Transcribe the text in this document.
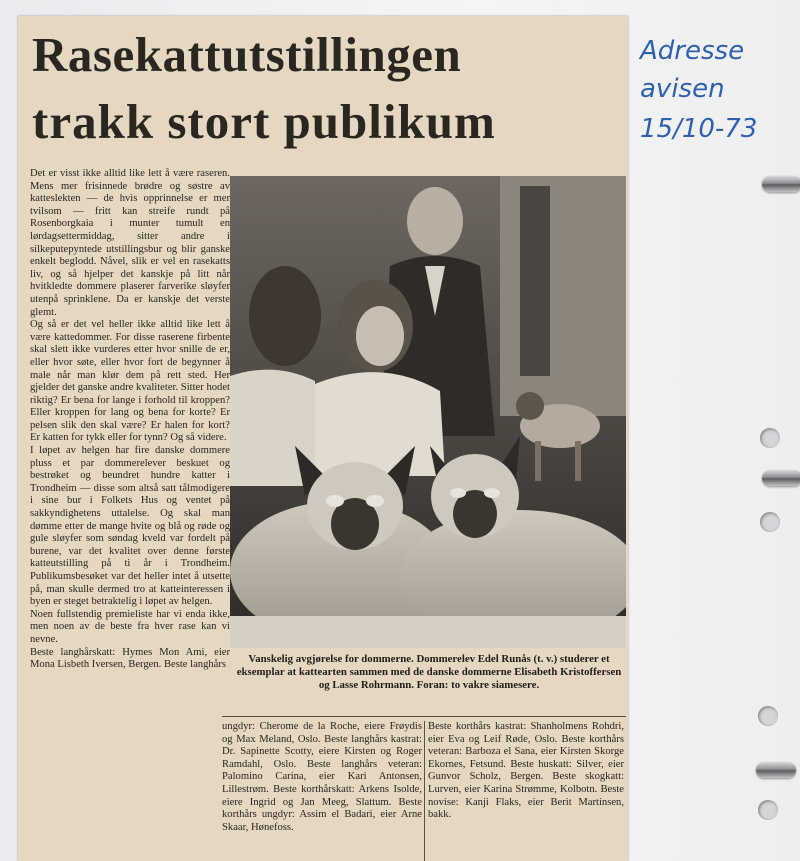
Rasekattutstillingen
trakk stort publikum
Det er visst ikke alltid like lett å være raseren. Mens mer frisinnede brødre og søstre av katteslekten — de hvis opprinnelse er mer tvilsom — fritt kan streife rundt på Rosenborgkaia i munter tumult en lørdagsettermiddag, sitter andre i silkeputepyntede utstillingsbur og blir ganske enkelt beglodd. Nåvel, slik er vel en rasekatts liv, og så hjelper det kanskje på litt når hvitkledte dommere plaserer farverike sløyfer utenpå sprinklene. Da er kanskje det verste glemt.
Og så er det vel heller ikke alltid like lett å være kattedommer. For disse raserene firbente skal slett ikke vurderes etter hvor snille de er, eller hvor søte, eller hvor fort de begynner å male når man klør dem på rett sted. Her gjelder det ganske andre kvaliteter. Sitter hodet riktig? Er bena for lange i forhold til kroppen? Eller kroppen for lang og bena for korte? Er pelsen slik den skal være? Er halen for kort? Er katten for tykk eller for tynn? Og så videre.
I løpet av helgen har fire danske dommere pluss et par dommerelever beskuet og bestrøket og beundret hundre katter i Trondheim — disse som altså satt tålmodigere i sine bur i Folkets Hus og ventet på sakkyndighetens uttalelse. Og skal man dømme etter de mange hvite og blå og røde og gule sløyfer som søndag kveld var fordelt på burene, var det kvalitet over denne første katteutstilling på ti år i Trondheim. Publikumsbesøket var det heller intet å utsette på, man skulle dermed tro at katteinteressen i byen er steget betraktelig i løpet av helgen.
Noen fullstendig premieliste har vi enda ikke, men noen av de beste fra hver rase kan vi nevne.
Beste langhårskatt: Hymes Mon Ami, eier Mona Lisbeth Iversen, Bergen. Beste langhårs	Vanskelig avgjørelse for dommerne. Dommerelev Edel Runås (t. v.) studerer et eksemplar at kattearten sammen med de danske dommerne Elisabeth Kristoffersen og Lasse Rohrmann. Foran: to vakre siamesere.
ungdyr: Cherome de la Roche, eiere Frøydis og Max Meland, Oslo. Beste langhårs kastrat: Dr. Sapinette Scotty, eiere Kirsten og Roger Ramdahl, Oslo. Beste langhårs veteran: Palomino Carina, eier Kari Antonsen, Lillestrøm. Beste korthårskatt: Arkens Isolde, eiere Ingrid og Jan Meeg, Slattum. Beste korthårs ungdyr: Assim el Badari, eier Arne Skaar, Hønefoss.
Beste korthårs kastrat: Shanholmens Rohdri, eier Eva og Leif Røde, Oslo. Beste korthårs veteran: Barboza el Sana, eier Kirsten Skorge Ekornes, Fetsund. Beste huskatt: Silver, eier Gunvor Scholz, Bergen. Beste skogkatt: Lurven, eier Karina Strømme, Kolbotn. Beste novise: Kanji Flaks, eier Berit Martinsen, bakk.
Adresse
avisen
15/10-73
